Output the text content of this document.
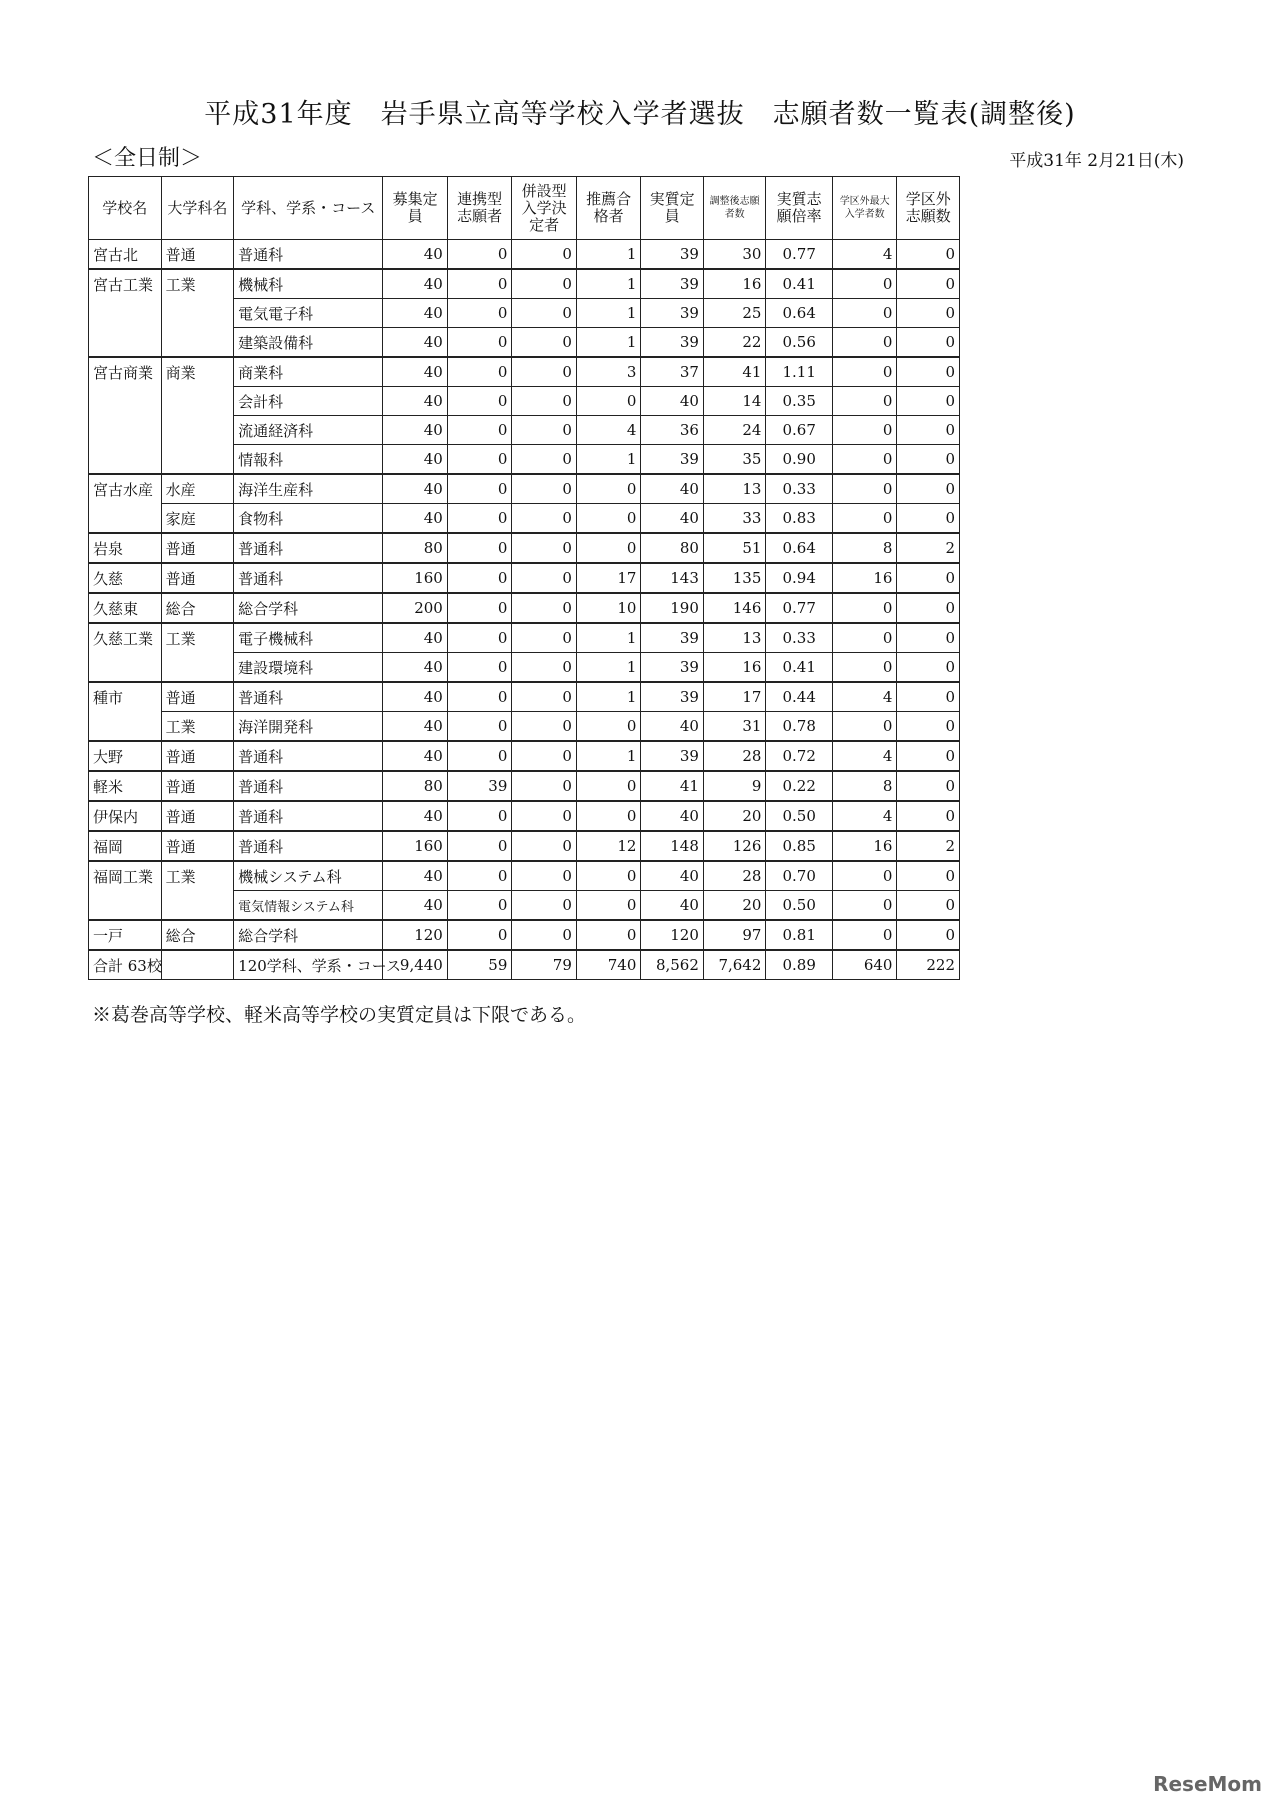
平成31年度　岩手県立高等学校入学者選抜　志願者数一覧表(調整後)
＜全日制＞	平成31年 2月21日(木)
学校名	大学科名	学科、学系・コース	募集定員	連携型志願者	併設型入学決定者	推薦合格者	実質定員	調整後志願者数	実質志願倍率	学区外最大入学者数	学区外志願数
宮古北	普通	普通科	40	0	0	1	39	30	0.77	4	0
宮古工業	工業	機械科	40	0	0	1	39	16	0.41	0	0
		電気電子科	40	0	0	1	39	25	0.64	0	0
		建築設備科	40	0	0	1	39	22	0.56	0	0
宮古商業	商業	商業科	40	0	0	3	37	41	1.11	0	0
		会計科	40	0	0	0	40	14	0.35	0	0
		流通経済科	40	0	0	4	36	24	0.67	0	0
		情報科	40	0	0	1	39	35	0.90	0	0
宮古水産	水産	海洋生産科	40	0	0	0	40	13	0.33	0	0
	家庭	食物科	40	0	0	0	40	33	0.83	0	0
岩泉	普通	普通科	80	0	0	0	80	51	0.64	8	2
久慈	普通	普通科	160	0	0	17	143	135	0.94	16	0
久慈東	総合	総合学科	200	0	0	10	190	146	0.77	0	0
久慈工業	工業	電子機械科	40	0	0	1	39	13	0.33	0	0
		建設環境科	40	0	0	1	39	16	0.41	0	0
種市	普通	普通科	40	0	0	1	39	17	0.44	4	0
	工業	海洋開発科	40	0	0	0	40	31	0.78	0	0
大野	普通	普通科	40	0	0	1	39	28	0.72	4	0
軽米	普通	普通科	80	39	0	0	41	9	0.22	8	0
伊保内	普通	普通科	40	0	0	0	40	20	0.50	4	0
福岡	普通	普通科	160	0	0	12	148	126	0.85	16	2
福岡工業	工業	機械システム科	40	0	0	0	40	28	0.70	0	0
		電気情報システム科	40	0	0	0	40	20	0.50	0	0
一戸	総合	総合学科	120	0	0	0	120	97	0.81	0	0
合計 63校		120学科、学系・コース	9,440	59	79	740	8,562	7,642	0.89	640	222
※葛巻高等学校、軽米高等学校の実質定員は下限である。
ReseMom
